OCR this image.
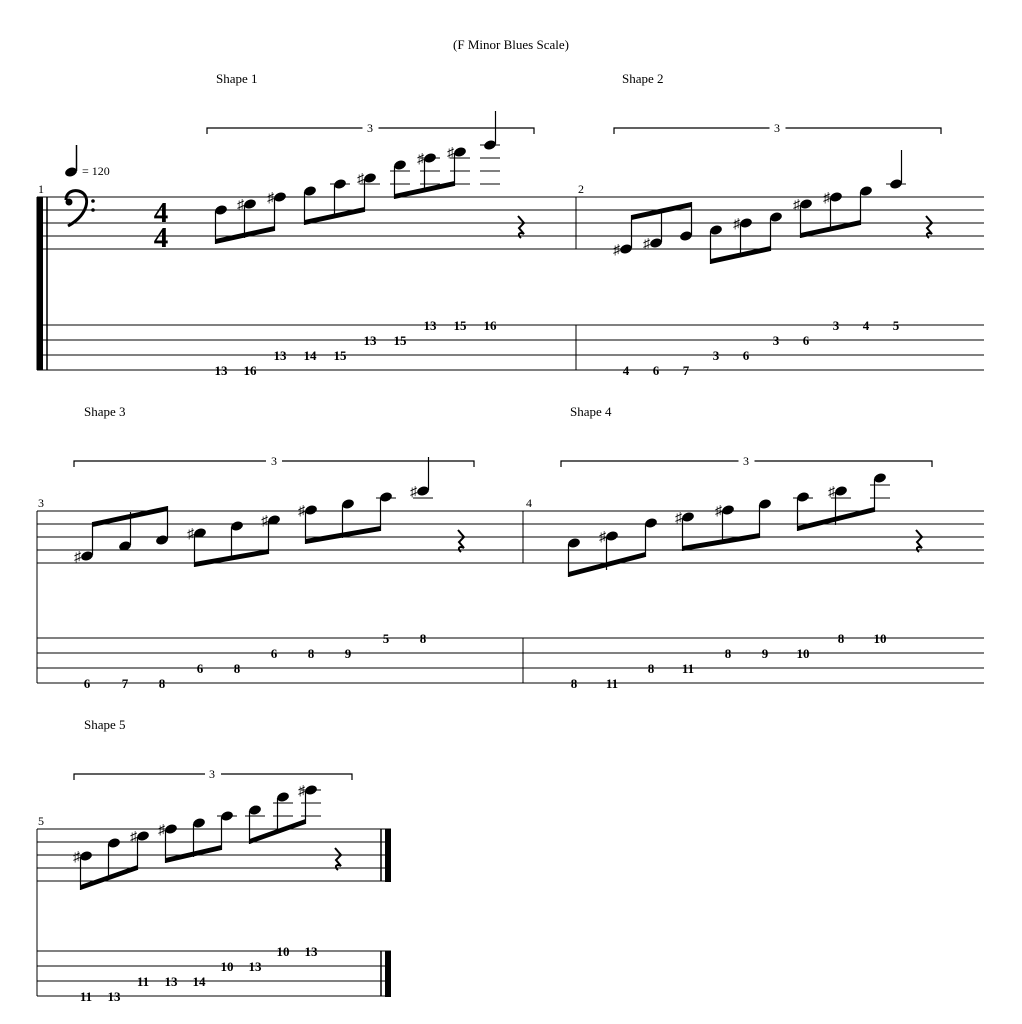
(F Minor Blues Scale)
Shape 1	Shape 2
Shape 3	Shape 4
Shape 5
= 120
1	2
3	4
5
4
4
3	3
3	3
3
13 16
13 14 15
13 15
13 15 16
4 6 7
3 6
3 6
3 4 5
6 7 8
6 8
6 8 9
5 8
8 11
8 11
8 9 10
8 10
11 13
11 13 14
10 13
10 13
♯ ♯
♯
♯ ♯
♯ ♯
♯
♯ ♯
♯
♯
♯
♯
♯
♯
♯ ♯
♯
♯
♯ ♯
♯
